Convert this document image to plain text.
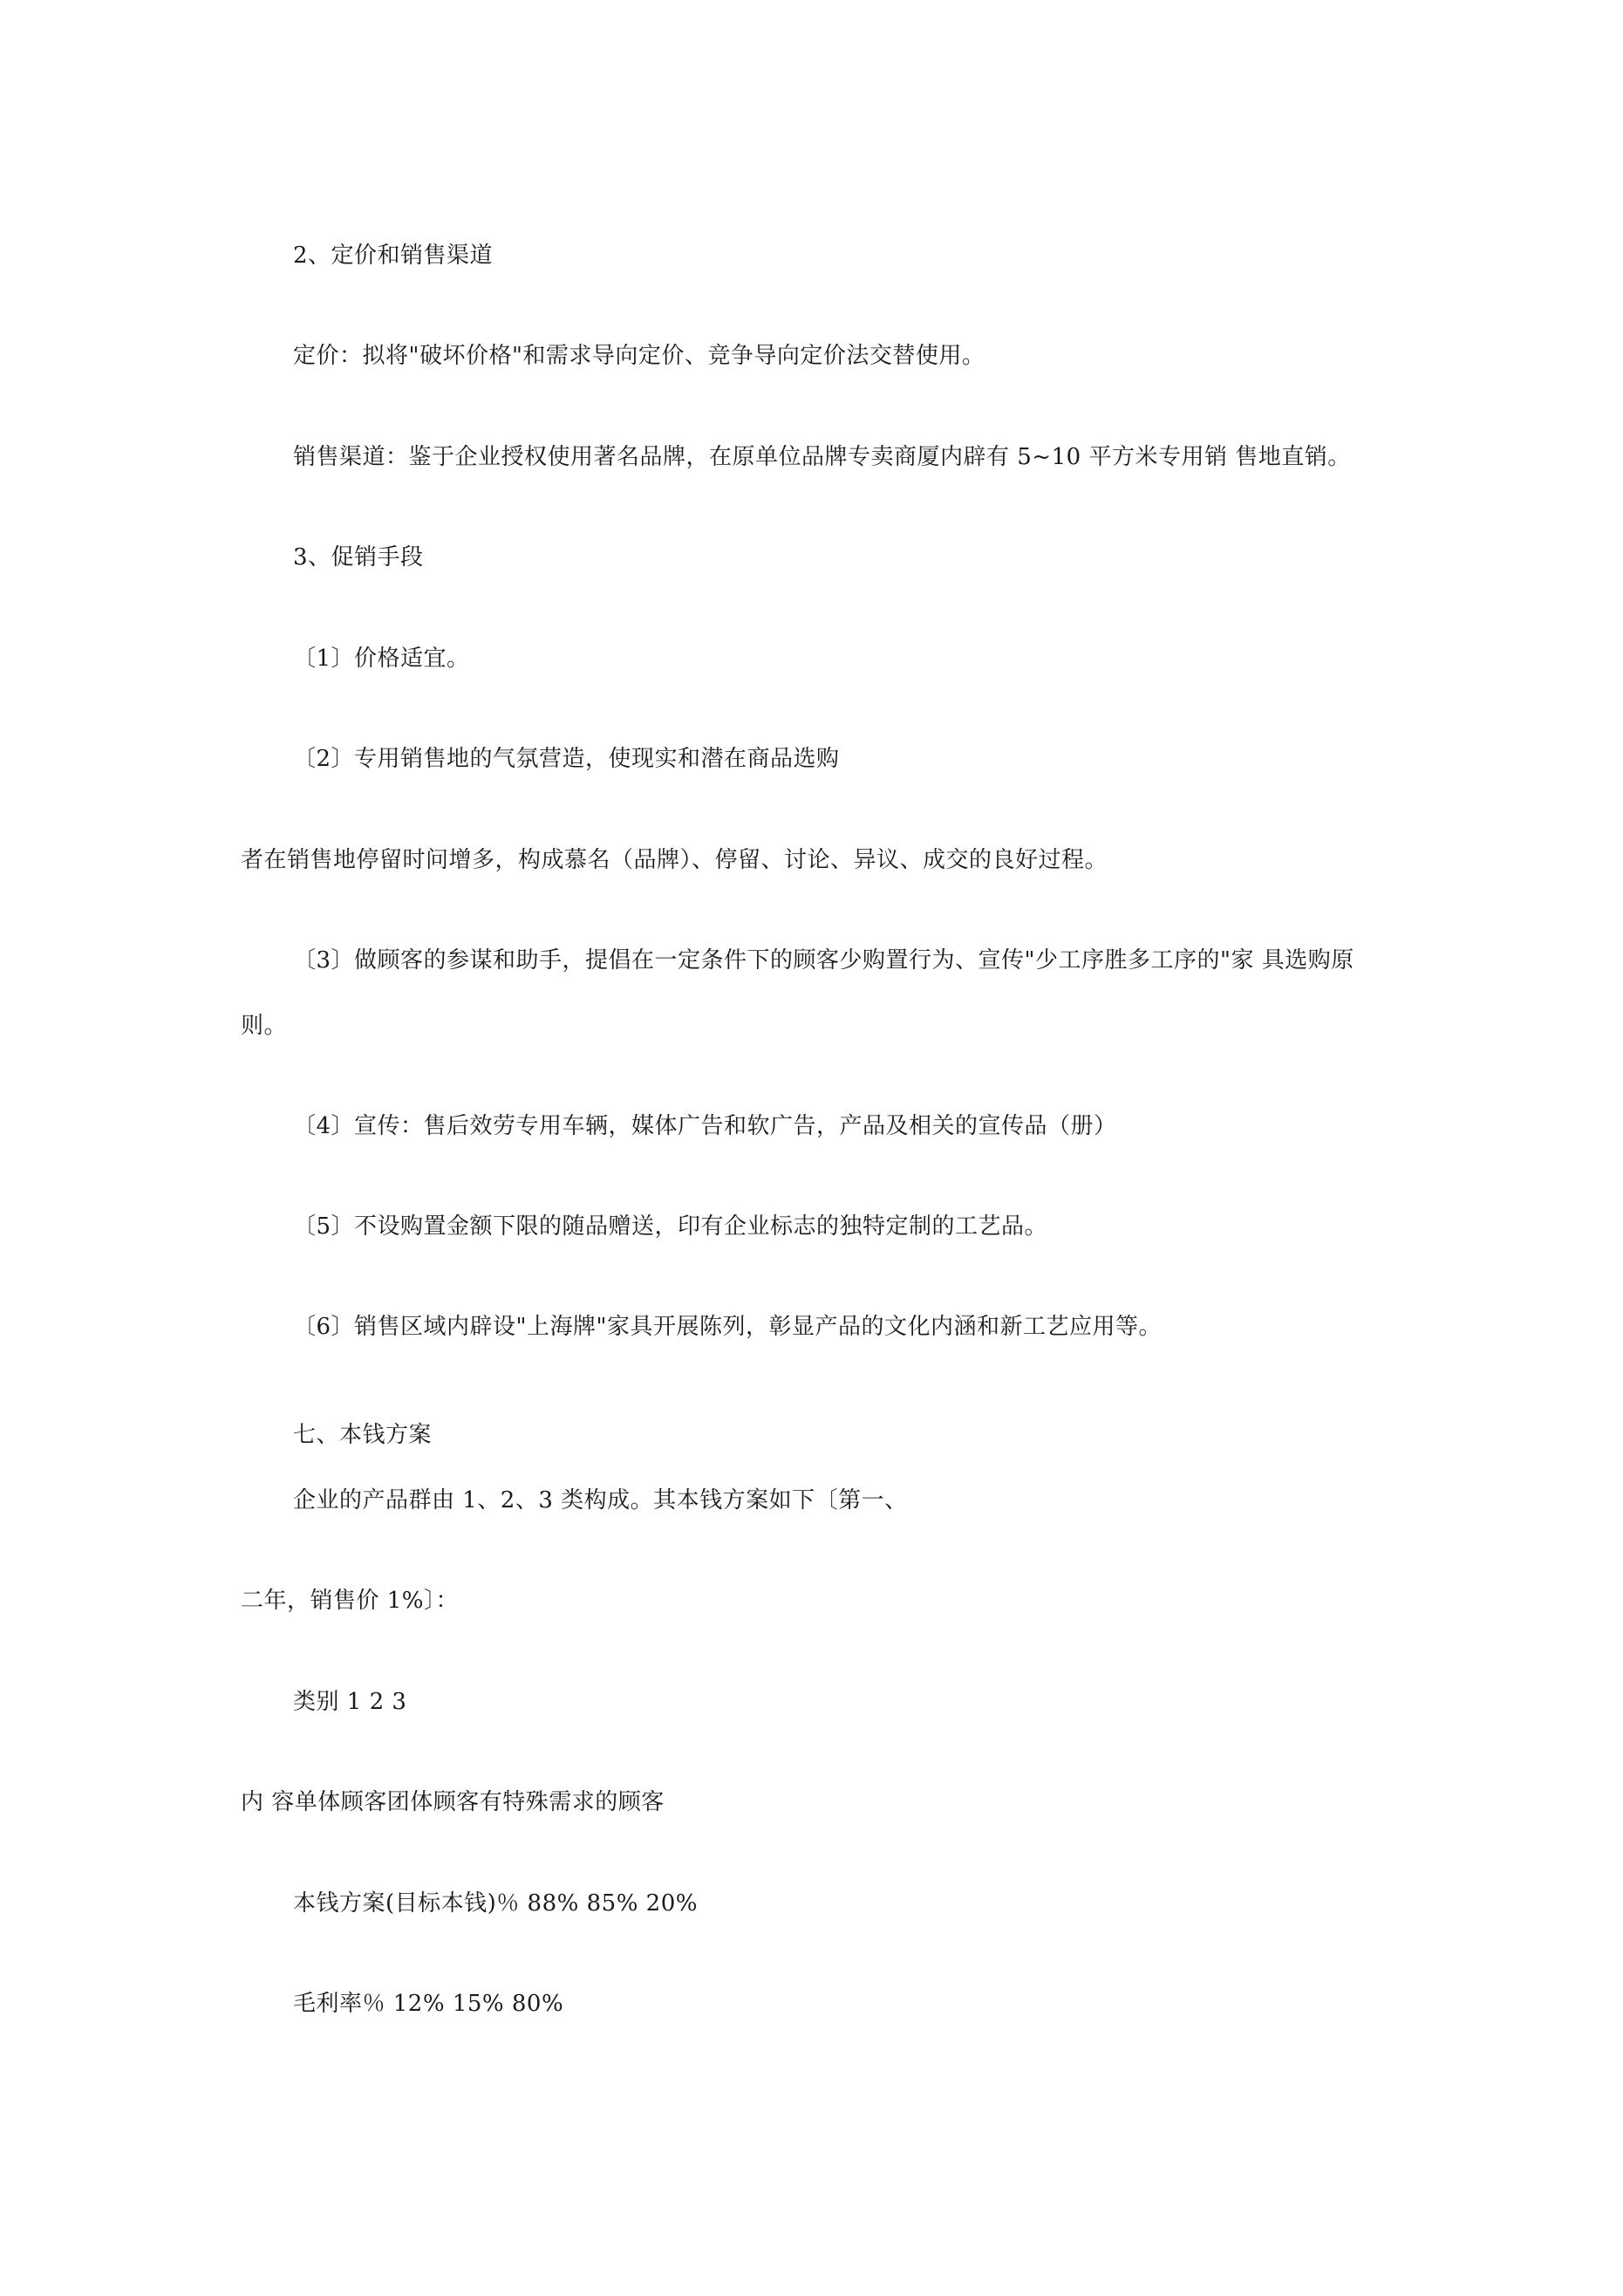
2、定价和销售渠道
定价：拟将"破坏价格"和需求导向定价、竞争导向定价法交替使用。
销售渠道：鉴于企业授权使用著名品牌，在原单位品牌专卖商厦内辟有 5~10 平方米专用销 售地直销。
3、促销手段
〔1〕价格适宜。
〔2〕专用销售地的气氛营造，使现实和潜在商品选购
者在销售地停留时问增多，构成慕名（品牌）、停留、讨论、异议、成交的良好过程。
〔3〕做顾客的参谋和助手，提倡在一定条件下的顾客少购置行为、宣传"少工序胜多工序的"家 具选购原
则。
〔4〕宣传：售后效劳专用车辆，媒体广告和软广告，产品及相关的宣传品（册）
〔5〕不设购置金额下限的随品赠送，印有企业标志的独特定制的工艺品。
〔6〕销售区域内辟设"上海牌"家具开展陈列，彰显产品的文化内涵和新工艺应用等。
七、本钱方案
企业的产品群由 1、2、3 类构成。其本钱方案如下〔第一、
二年，销售价 1%〕：
类别 1 2 3
内 容单体顾客团体顾客有特殊需求的顾客
本钱方案(目标本钱)％ 88% 85% 20%
毛利率％ 12% 15% 80%
